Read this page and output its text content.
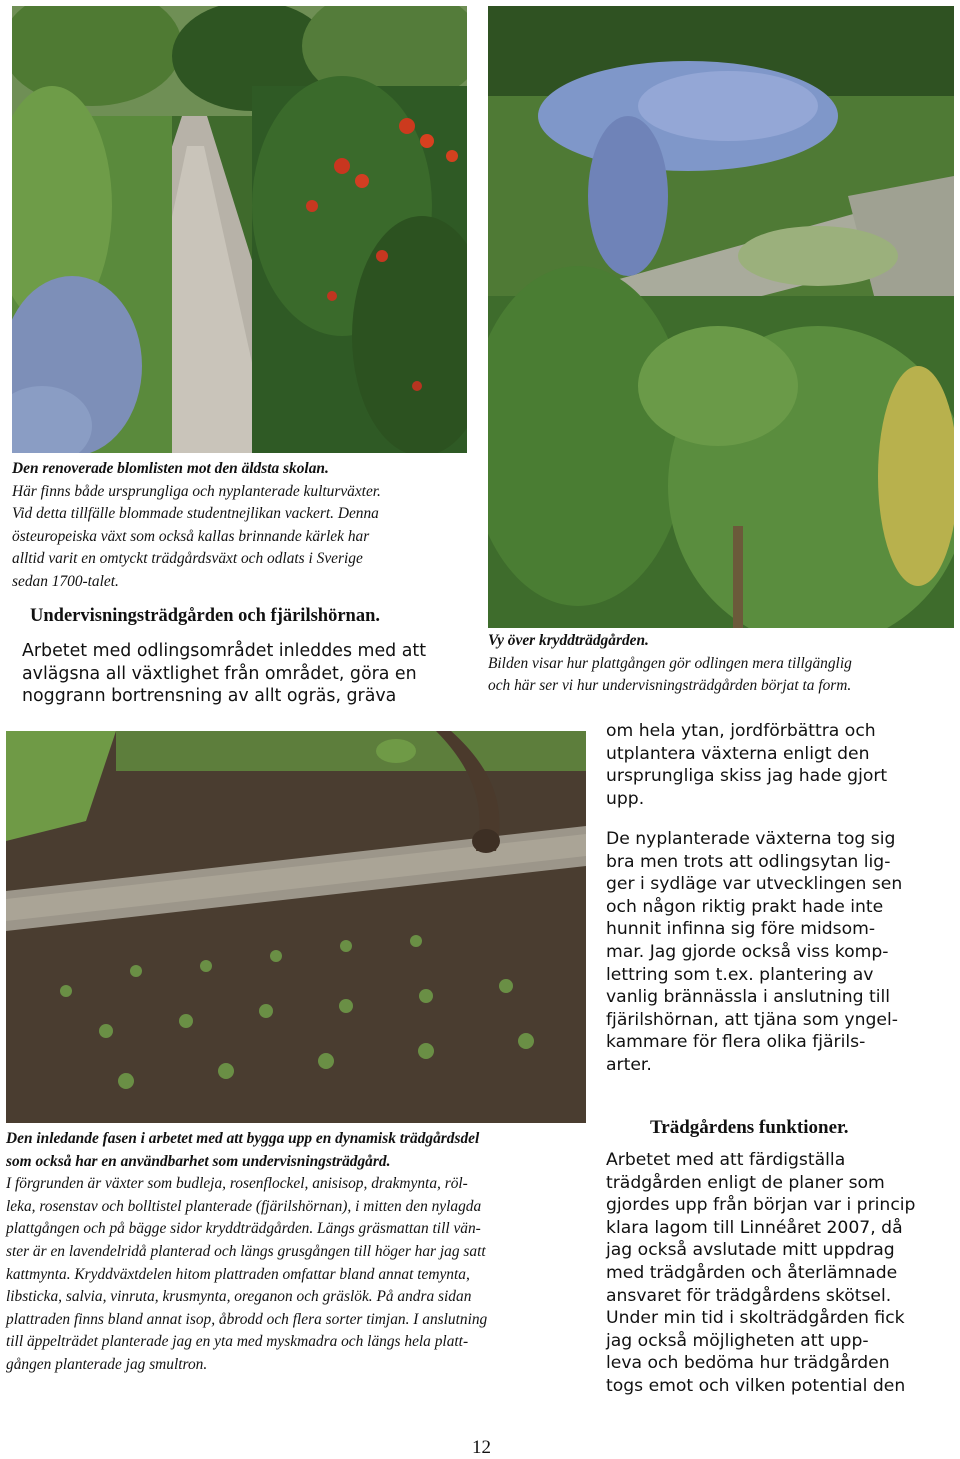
Den renoverade blomlisten mot den äldsta skolan.
Här finns både ursprungliga och nyplanterade kulturväxter.
Vid detta tillfälle blommade studentnejlikan vackert. Denna
östeuropeiska växt som också kallas brinnande kärlek har
alltid varit en omtyckt trädgårdsväxt och odlats i Sverige
sedan 1700-talet.
Undervisningsträdgården och fjärilshörnan.
Arbetet med odlingsområdet inleddes med att
avlägsna all växtlighet från området, göra en
noggrann bortrensning av allt ogräs, gräva
Vy över kryddträdgården.
Bilden visar hur plattgången gör odlingen mera tillgänglig
och här ser vi hur undervisningsträdgården börjat ta form.
om hela ytan, jordförbättra och
utplantera växterna enligt den
ursprungliga skiss jag hade gjort
upp.
De nyplanterade växterna tog sig
bra men trots att odlingsytan lig-
ger i sydläge var utvecklingen sen
och någon riktig prakt hade inte
hunnit infinna sig före midsom-
mar. Jag gjorde också viss komp-
lettring som t.ex. plantering av
vanlig brännässla i anslutning till
fjärilshörnan, att tjäna som yngel-
kammare för flera olika fjärils-
arter.
Den inledande fasen i arbetet med att bygga upp en dynamisk trädgårdsdel
som också har en användbarhet som undervisningsträdgård.
I förgrunden är växter som budleja, rosenflockel, anisisop, drakmynta, röl-
leka, rosenstav och bolltistel planterade (fjärilshörnan), i mitten den nylagda
plattgången och på bägge sidor kryddträdgården. Längs gräsmattan till vän-
ster är en lavendelridå planterad och längs grusgången till höger har jag satt
kattmynta. Kryddväxtdelen hitom plattraden omfattar bland annat temynta,
libsticka, salvia, vinruta, krusmynta, oreganon och gräslök. På andra sidan
plattraden finns bland annat isop, åbrodd och flera sorter timjan. I anslutning
till äppelträdet planterade jag en yta med myskmadra och längs hela platt-
gången planterade jag smultron.
Trädgårdens funktioner.
Arbetet med att färdigställa
trädgården enligt de planer som
gjordes upp från början var i princip
klara lagom till Linnéåret 2007, då
jag också avslutade mitt uppdrag
med trädgården och återlämnade
ansvaret för trädgårdens skötsel.
Under min tid i skolträdgården fick
jag också möjligheten att upp-
leva och bedöma hur trädgården
togs emot och vilken potential den
12
